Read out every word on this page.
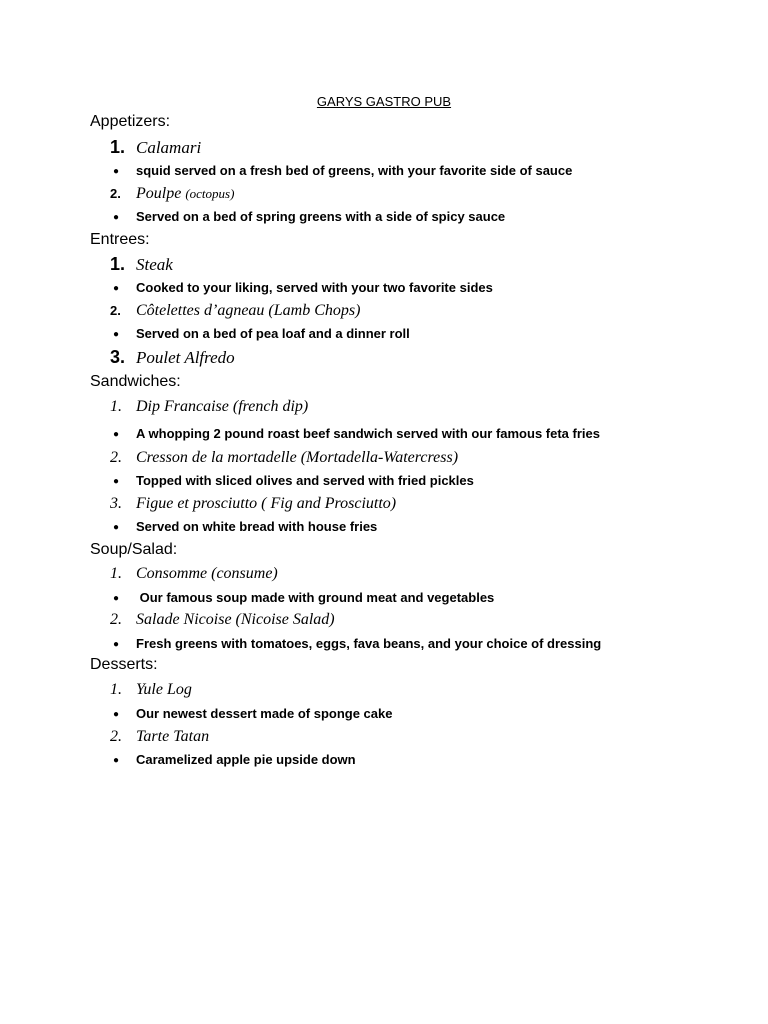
GARYS GASTRO PUB
Appetizers:
1. Calamari
● squid served on a fresh bed of greens, with your favorite side of sauce
2. Poulpe (octopus)
● Served on a bed of spring greens with a side of spicy sauce
Entrees:
1. Steak
● Cooked to your liking, served with your two favorite sides
2. Côtelettes d’agneau (Lamb Chops)
● Served on a bed of pea loaf and a dinner roll
3. Poulet Alfredo
Sandwiches:
1. Dip Francaise (french dip)
● A whopping 2 pound roast beef sandwich served with our famous feta fries
2. Cresson de la mortadelle (Mortadella-Watercress)
● Topped with sliced olives and served with fried pickles
3. Figue et prosciutto ( Fig and Prosciutto)
● Served on white bread with house fries
Soup/Salad:
1. Consomme (consume)
● Our famous soup made with ground meat and vegetables
2. Salade Nicoise (Nicoise Salad)
● Fresh greens with tomatoes, eggs, fava beans, and your choice of dressing
Desserts:
1. Yule Log
● Our newest dessert made of sponge cake
2. Tarte Tatan
● Caramelized apple pie upside down
